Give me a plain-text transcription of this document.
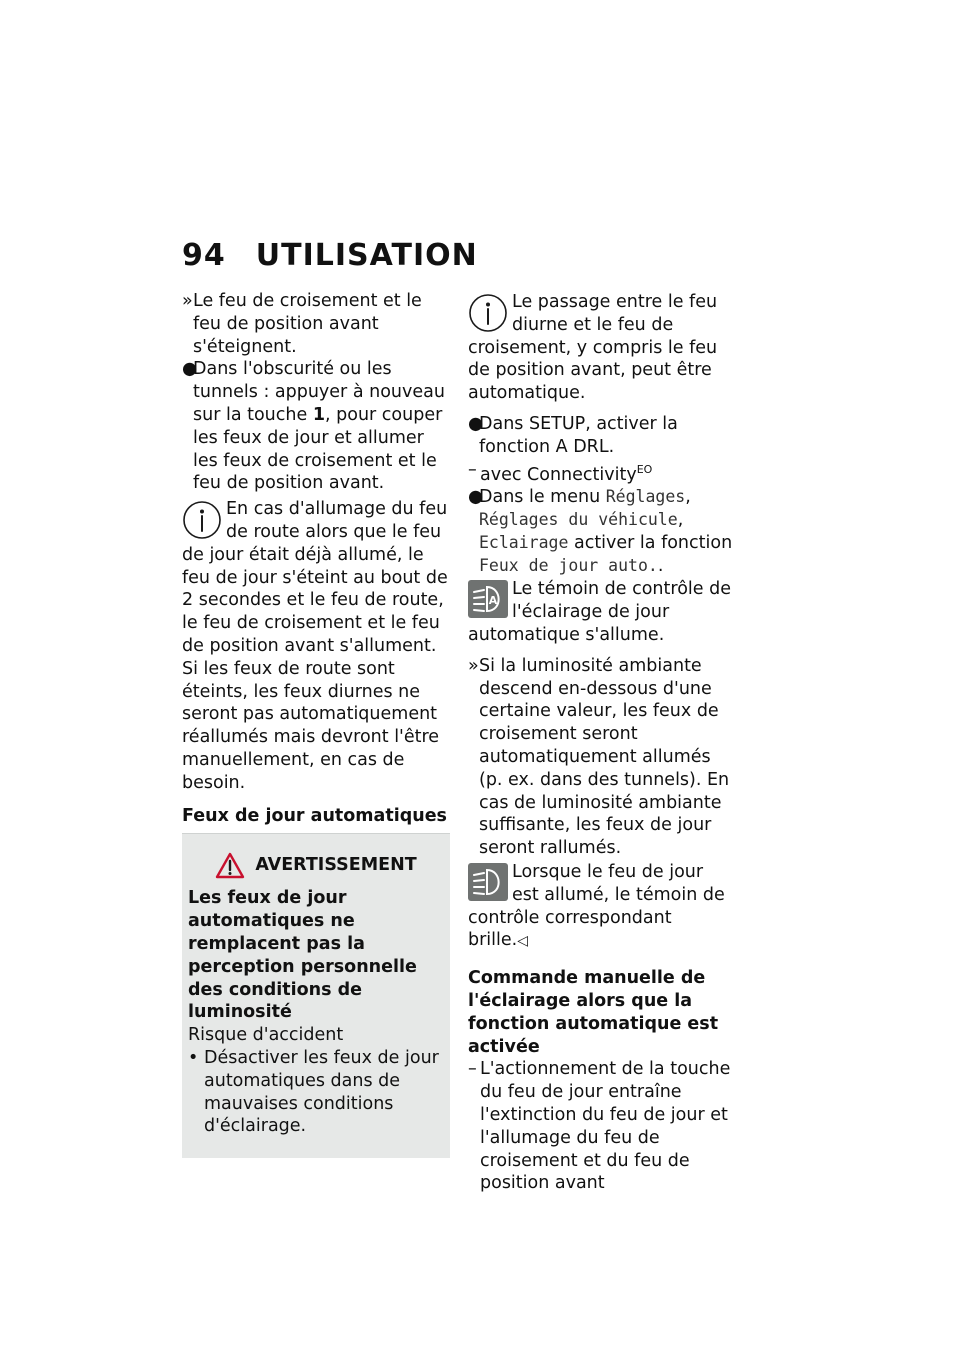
94 UTILISATION
» Le feu de croisement et le feu de position avant s'éteignent.

●

Dans l'obscurité ou les tunnels : appuyer à nouveau sur la touche 1, pour couper les feux de jour et allumer les feux de croisement et le feu de position avant.

En cas d'allumage du feu de route alors que le feu de jour était déjà allumé, le feu de jour s'éteint au bout de 2 secondes et le feu de route, le feu de croisement et le feu de position avant s'allument.

Si les feux de route sont éteints, les feux diurnes ne seront pas automatiquement réallumés mais devront l'être manuellement, en cas de besoin.

Feux de jour automatiques

AVERTISSEMENT

Les feux de jour automatiques ne remplacent pas la perception personnelle des conditions de luminosité

Risque d'accident

• Désactiver les feux de jour automatiques dans de mauvaises conditions d'éclairage.

Le passage entre le feu diurne et le feu de croisement, y compris le feu de position avant, peut être automatique.

●

Dans SETUP, activer la fonction A DRL.

– avec Connectivity$^{EO}$

●

Dans le menu Réglages, Réglages du véhicule, Eclairage activer la fonction Feux de jour auto..

A

Le témoin de contrôle de l'éclairage de jour automatique s'allume.

» Si la luminosité ambiante descend en-dessous d'une certaine valeur, les feux de croisement seront automatiquement allumés (p. ex. dans des tunnels). En cas de luminosité ambiante suffisante, les feux de jour seront rallumés.

Lorsque le feu de jour est allumé, le témoin de contrôle correspondant brille.◁

Commande manuelle de l'éclairage alors que la fonction automatique est activée

– L'actionnement de la touche du feu de jour entraîne l'extinction du feu de jour et l'allumage du feu de croisement et du feu de position avant
